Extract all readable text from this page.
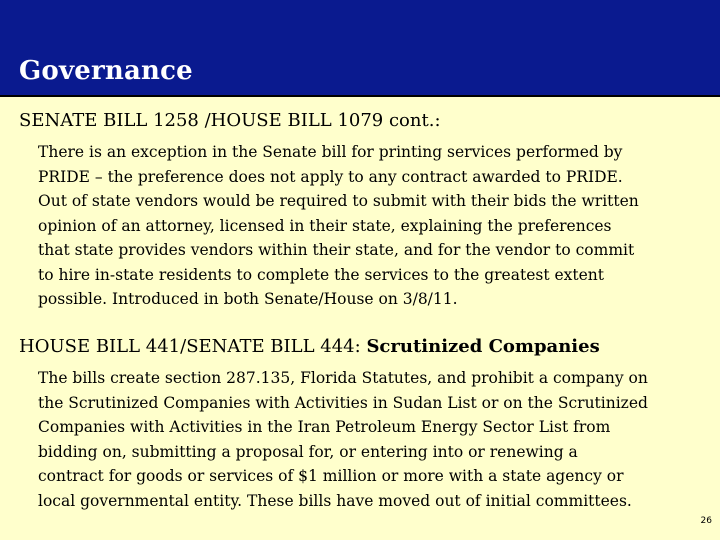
Governance
SENATE BILL 1258 /HOUSE BILL 1079 cont.:
There is an exception in the Senate bill for printing services performed by
PRIDE – the preference does not apply to any contract awarded to PRIDE.
Out of state vendors would be required to submit with their bids the written
opinion of an attorney, licensed in their state, explaining the preferences
that state provides vendors within their state, and for the vendor to commit
to hire in-state residents to complete the services to the greatest extent
possible. Introduced in both Senate/House on 3/8/11.
HOUSE BILL 441/SENATE BILL 444: Scrutinized Companies
The bills create section 287.135, Florida Statutes, and prohibit a company on
the Scrutinized Companies with Activities in Sudan List or on the Scrutinized
Companies with Activities in the Iran Petroleum Energy Sector List from
bidding on, submitting a proposal for, or entering into or renewing a
contract for goods or services of $1 million or more with a state agency or
local governmental entity. These bills have moved out of initial committees.
26
